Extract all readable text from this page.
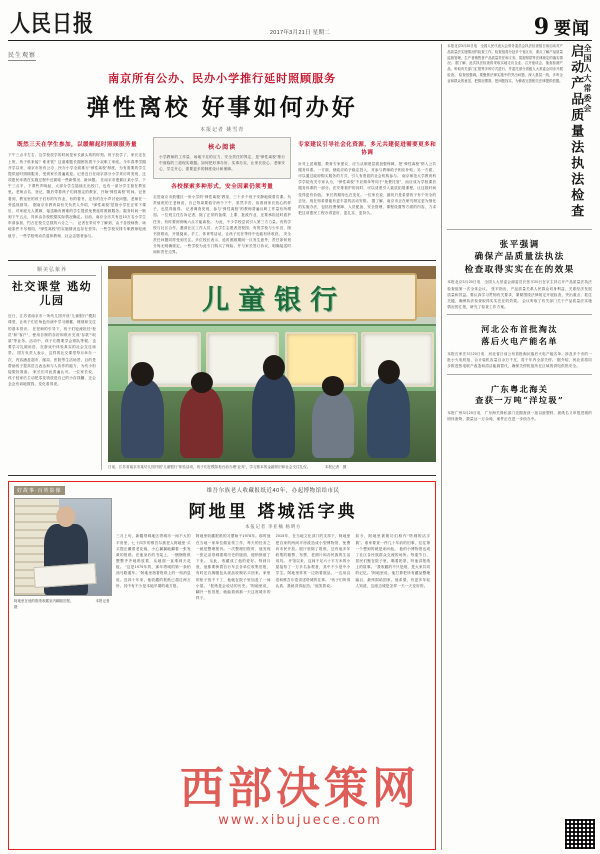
人民日报	2017年3月21日 星期二	9 要闻
民生观察
南京所有公办、民办小学推行延时照顾服务
弹性离校 好事如何办好
本报记者 姚雪青
既然三天在学生参加，以缓解起时照顾服务量
下午三点半左右，这学校放学的时间是家长最头疼的时刻。孩子放学了，家长还在上班，孩子谁来接？谁来管？这道难题长期困扰着不少双职工家庭。今年春季学期开学以来，南京市所有公办、民办小学全面推行“弹性离校”制度，为有需要的学生提供延时照顾服务，受到家长普遍欢迎。记者近日在南京部分小学采访时发现，这项惠民举措在实施过程中还面临一些新情况、新问题。 在南京市建邺区某小学，下午三点半，下课铃声响起，大部分学生陆续走出校门，也有一部分学生留在教室里。老师点名、登记，随后带着孩子们到指定的教室，开始“弹性离校”时间。记者看到，教室里的孩子们有的写作业，有的看书，还有的在小声讨论问题，老师在一旁巡视指导。 据南京市教育局有关负责人介绍，“弹性离校”是指小学在正常下课后，对家庭无人照顾、接送确有困难的学生提供免费延时照顾服务。服务时间一般到下午五点，具体由各校根据实际情况确定。目前，南京全市共有近10万名小学生申请参加，约占在校生总数的六分之一。 记者在采访中了解到，由于各校师资、场地条件不尽相同，“弹性离校”的实施情况也存在差异。一些学校安排专职教师轮流值守，一些学校则动员退休教师、社会志愿者参与。
核心阅读
小学教师的工作量、场地不足的压力、安全责任的界定，是“弹性离校”推行中面临的三道现实难题。如何把好事办好、实事办实，让家长放心、老师安心、学生开心，需要更多的制度设计和保障。
各校探索多种形式，安全因素仍须考量
走进南京市鼓楼区一所小学的“弹性离校”教室，三十多个孩子安静地做着功课。负责值班的王老师说，自己每周要值守两个下午，虽然辛苦，但看到家长放心的样子，也觉得值得。 记者调查发现，参与“弹性离校”的教师普遍反映工作量有所增加。一位班主任告诉记者，除了正常的备课、上课、批改作业，还要承担延时看护任务，有时要到傍晚六点才能离校。 为此，不少学校尝试引入第三方力量。有的学校与社区合作，邀请社区工作人员、大学生志愿者进校园；有的学校与少年宫、图书馆联动，开展阅读、手工、体育等活动，让孩子们在等待中也能有所收获。 安全责任问题同样受到关注。多位校长表示，延时照顾期间一旦发生意外，责任如何划分尚无明确规定。一些学校为此专门购买了保险，并与家长签订协议，明确接送时间和责任边界。
专家建议引导社会化资源，多元共建促进需要更多和协调
针对上述难题，教育专家建议，应当从制度层面加强保障，把“弹性离校”纳入公共服务体系。一方面，财政应给予稳定投入，对参与教师给予相应补贴；另一方面，可以通过政府购买服务的方式，引入有资质的社会机构参与。 南京师范大学教育科学学院有关专家认为，“弹性离校”不应简单等同于“免费托管”，而应成为学校课后服务体系的一部分。在安排看护的同时，可以适度引入素质拓展课程，让这段时间变得更有价值。 家长的期待也在变化。一位家长说，最初只是希望孩子有个安全的去处，现在则希望能有更丰富的活动安排。 据了解，南京市正在研究制定更为细化的实施办法，包括经费保障、人员配备、安全管理、课程设置等方面的内容，力求把这项惠民工程办得更好、更扎实、更持久。
顺美弘象养
社交课堂 逃幼儿园
近日，江苏省南京市一所幼儿园开设“儿童银行”模拟课堂，让孩子们在角色扮演中学习储蓄、理财和交往的基本常识。 在老师的引导下，孩子们轮流担任“柜员”和“客户”，使用自制的存折和纸币完成“存款”“取款”等业务。活动中，孩子们既要学会排队等候，也要学习礼貌用语，在游戏中体验真实的社会交往场景。 园方负责人表示，这样的社交课堂每月举办一次，内容涵盖超市、邮局、医院等生活场景，目的是帮助孩子提高语言表达和与人协作的能力，为幼小衔接做好准备。 家长们对此普遍认可。一位家长说，孩子回家后主动把零花钱放进自己的小存钱罐，还会念念有词地数钱，变化看得见。
儿童银行
日前，江苏省南京市某幼儿园开展“儿童银行”体验活动，孩子们在模拟柜台前办理“业务”，学习基本的金融常识和社会交往礼仪。　　　　本报记者　摄
好故事·百姓影像
阿地里在他的报纸收藏室内翻阅旧报。 　　　　　　本报记者　摄
维吾尔族老人收藏报纸近40年，办起博物馆给市民
阿地里 塔城活字典
本报记者 李亚楠 杨明方
三月上旬，新疆塔城地区塔城市一间不大的平房里，七十四岁的维吾尔族老人阿地里·买买提正戴着老花镜，小心翼翼地翻看一张发黄的报纸。在他身后的书架上，一捆捆报纸整整齐齐地码放着，从地面一直堆到天花板。 “这是1979年的，那年塔城的第一条柏油马路通车。”阿地里指着报纸上的一则消息说。近四十年来，他收藏的报纸已超过两万份，其中有不少是本地早期的地方报。
阿地里收藏报纸的习惯始于1978年。那时他在当地一家单位做宣传工作，每天的任务之一就是整理报刊。一次整理旧报时，他发现一张记录塔城建城历史的版面，便悄悄留了下来。 从此，收藏成了他的爱好。每到月底，他都要骑着自行车去各单位收集旧报，有时还自掏腰包从废品收购站买回来。家里的柜子放不下了，他就在院子里加盖了一间小屋。 “报纸是会说话的历史。”阿地里说，翻开一张旧报，就能看到那一天这座城市的样子。
2015年，在当地文化部门的支持下，阿地里把自家的两间平房改造成小型博物馆，免费向市民开放。展厅里除了报纸，还有他多年收集的粮票、布票、老照片和各民族的生活用具。 开馆以来，这间不足六十平方米的小屋接待了一万多名参观者，其中不少是中小学生。阿地里常常一边指着展品，一边用汉语和维吾尔语讲述塔城的往事。 “孩子们听得认真，我就讲得起劲。”他笑着说。
如今，阿地里被街坊们称作“塔城的活字典”。谁家要查一件几十年前的旧事，往往第一个想到的就是来问他。 他的小博物馆也成了社区各民族群众交流的场所。每逢节日，居民们聚在院子里，喝着奶茶，听他讲报纸上的故事。 “我收藏的不只是纸，是大家共同的记忆。”阿地里说，他打算把所有藏品整理编目，最终捐给国家。他希望，有更多年轻人知道，这座边城是怎样一天一天变好的。
本报北京3月20日电　全国人民代表大会常务委员会执法检查组日前启动对产品质量法实施情况的检查工作。检查组将分赴多个省区市，重点了解产品质量监督管理、生产者销售者产品质量责任和义务、损害赔偿等法律规定的落实情况。 据了解，此次执法检查将采取实地走访企业、召开座谈会、抽查检测产品、听取有关部门汇报等多种方式进行，并委托部分省级人大常委会同步开展检查。 检查组强调，要聚焦法律实施中的突出问题，深入基层一线，多听企业和群众的意见，把情况摸准、把问题找实，为修改完善相关法律提供依据。 启动产品质量法执法检查 全国人大常委会
张平强调
确保产品质量法执法
检查取得实实在在的效果
本报北京3月20日电　全国人大常委会副委员长张平20日在京主持召开产品质量法执法检查组第一次全体会议。 张平指出，产品质量关系人民群众切身利益，关系经济发展质量和效益。要认真学习贯彻有关要求，紧紧围绕法律规定开展检查，突出重点、抓住关键，确保执法检查取得实实在在的效果。 会议听取了有关部门关于产品质量法实施情况的汇报，研究了检查工作方案。
河北公布首批淘汰
落后火电产能名单
本报石家庄3月20日电　河北省日前公布首批淘汰落后火电产能名单，涉及多个市的一批小火电机组，合计装机容量百余万千瓦，将于年内全部关停。 据介绍，河北省将同步推进热电联产改造和清洁能源替代，确保关停机组所在区域的供电供热安全。
广东粤北海关
查获一万吨“洋垃圾”
本报广州3月20日电　广东海关缉私部门近期查获一批以废塑料、废纸名义申报进境的固体废物，数量达一万余吨，案件正在进一步侦办中。
西部决策网
www.xibujuece.com
